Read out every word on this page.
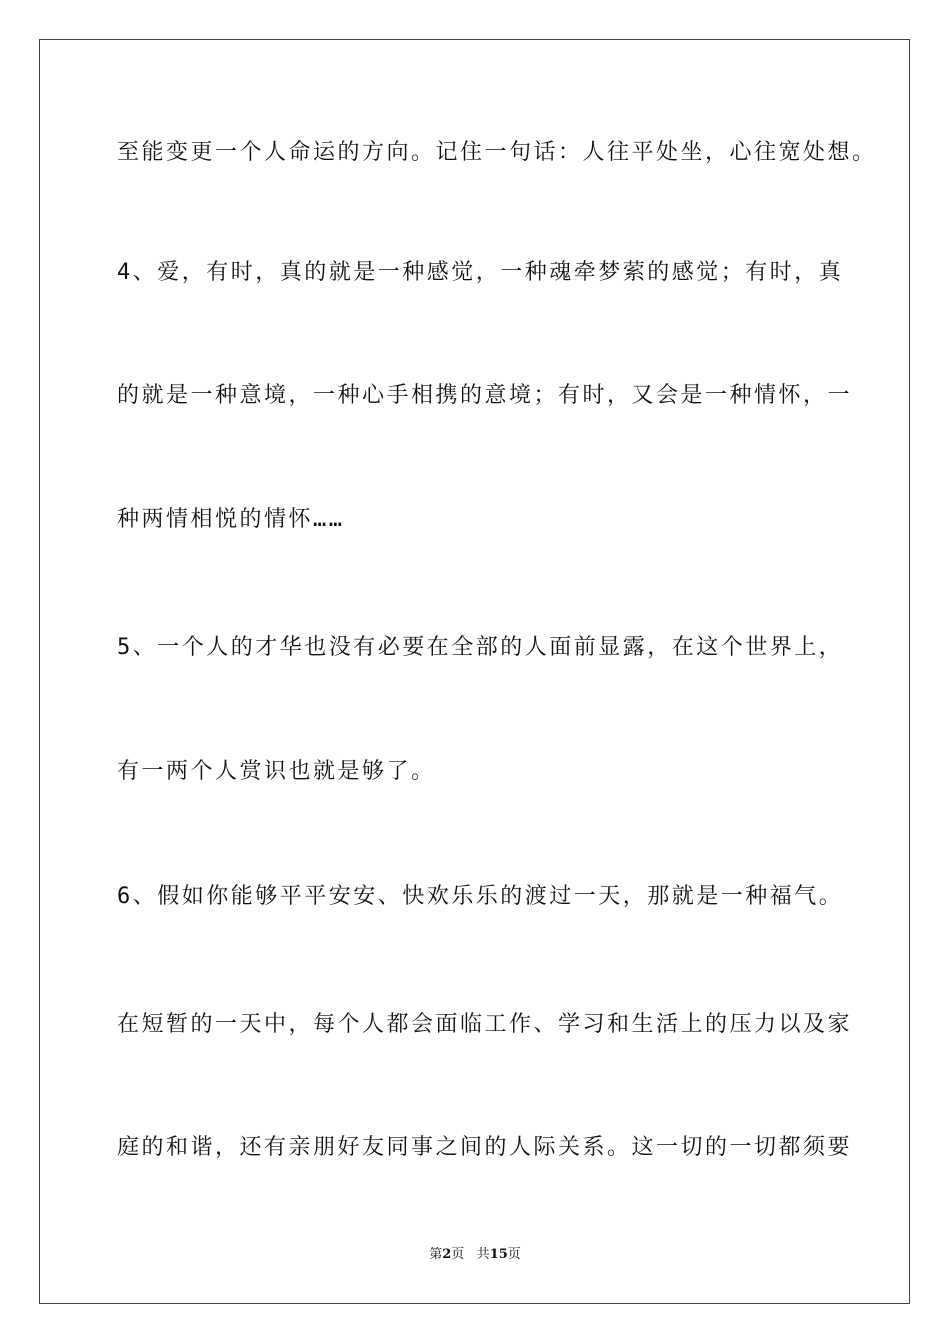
至能变更一个人命运的方向。记住一句话：人往平处坐，心往宽处想。
4、爱，有时，真的就是一种感觉，一种魂牵梦萦的感觉；有时，真
的就是一种意境，一种心手相携的意境；有时，又会是一种情怀，一
种两情相悦的情怀……
5、一个人的才华也没有必要在全部的人面前显露，在这个世界上，
有一两个人赏识也就是够了。
6、假如你能够平平安安、快欢乐乐的渡过一天，那就是一种福气。
在短暂的一天中，每个人都会面临工作、学习和生活上的压力以及家
庭的和谐，还有亲朋好友同事之间的人际关系。这一切的一切都须要
第2页 共15页
